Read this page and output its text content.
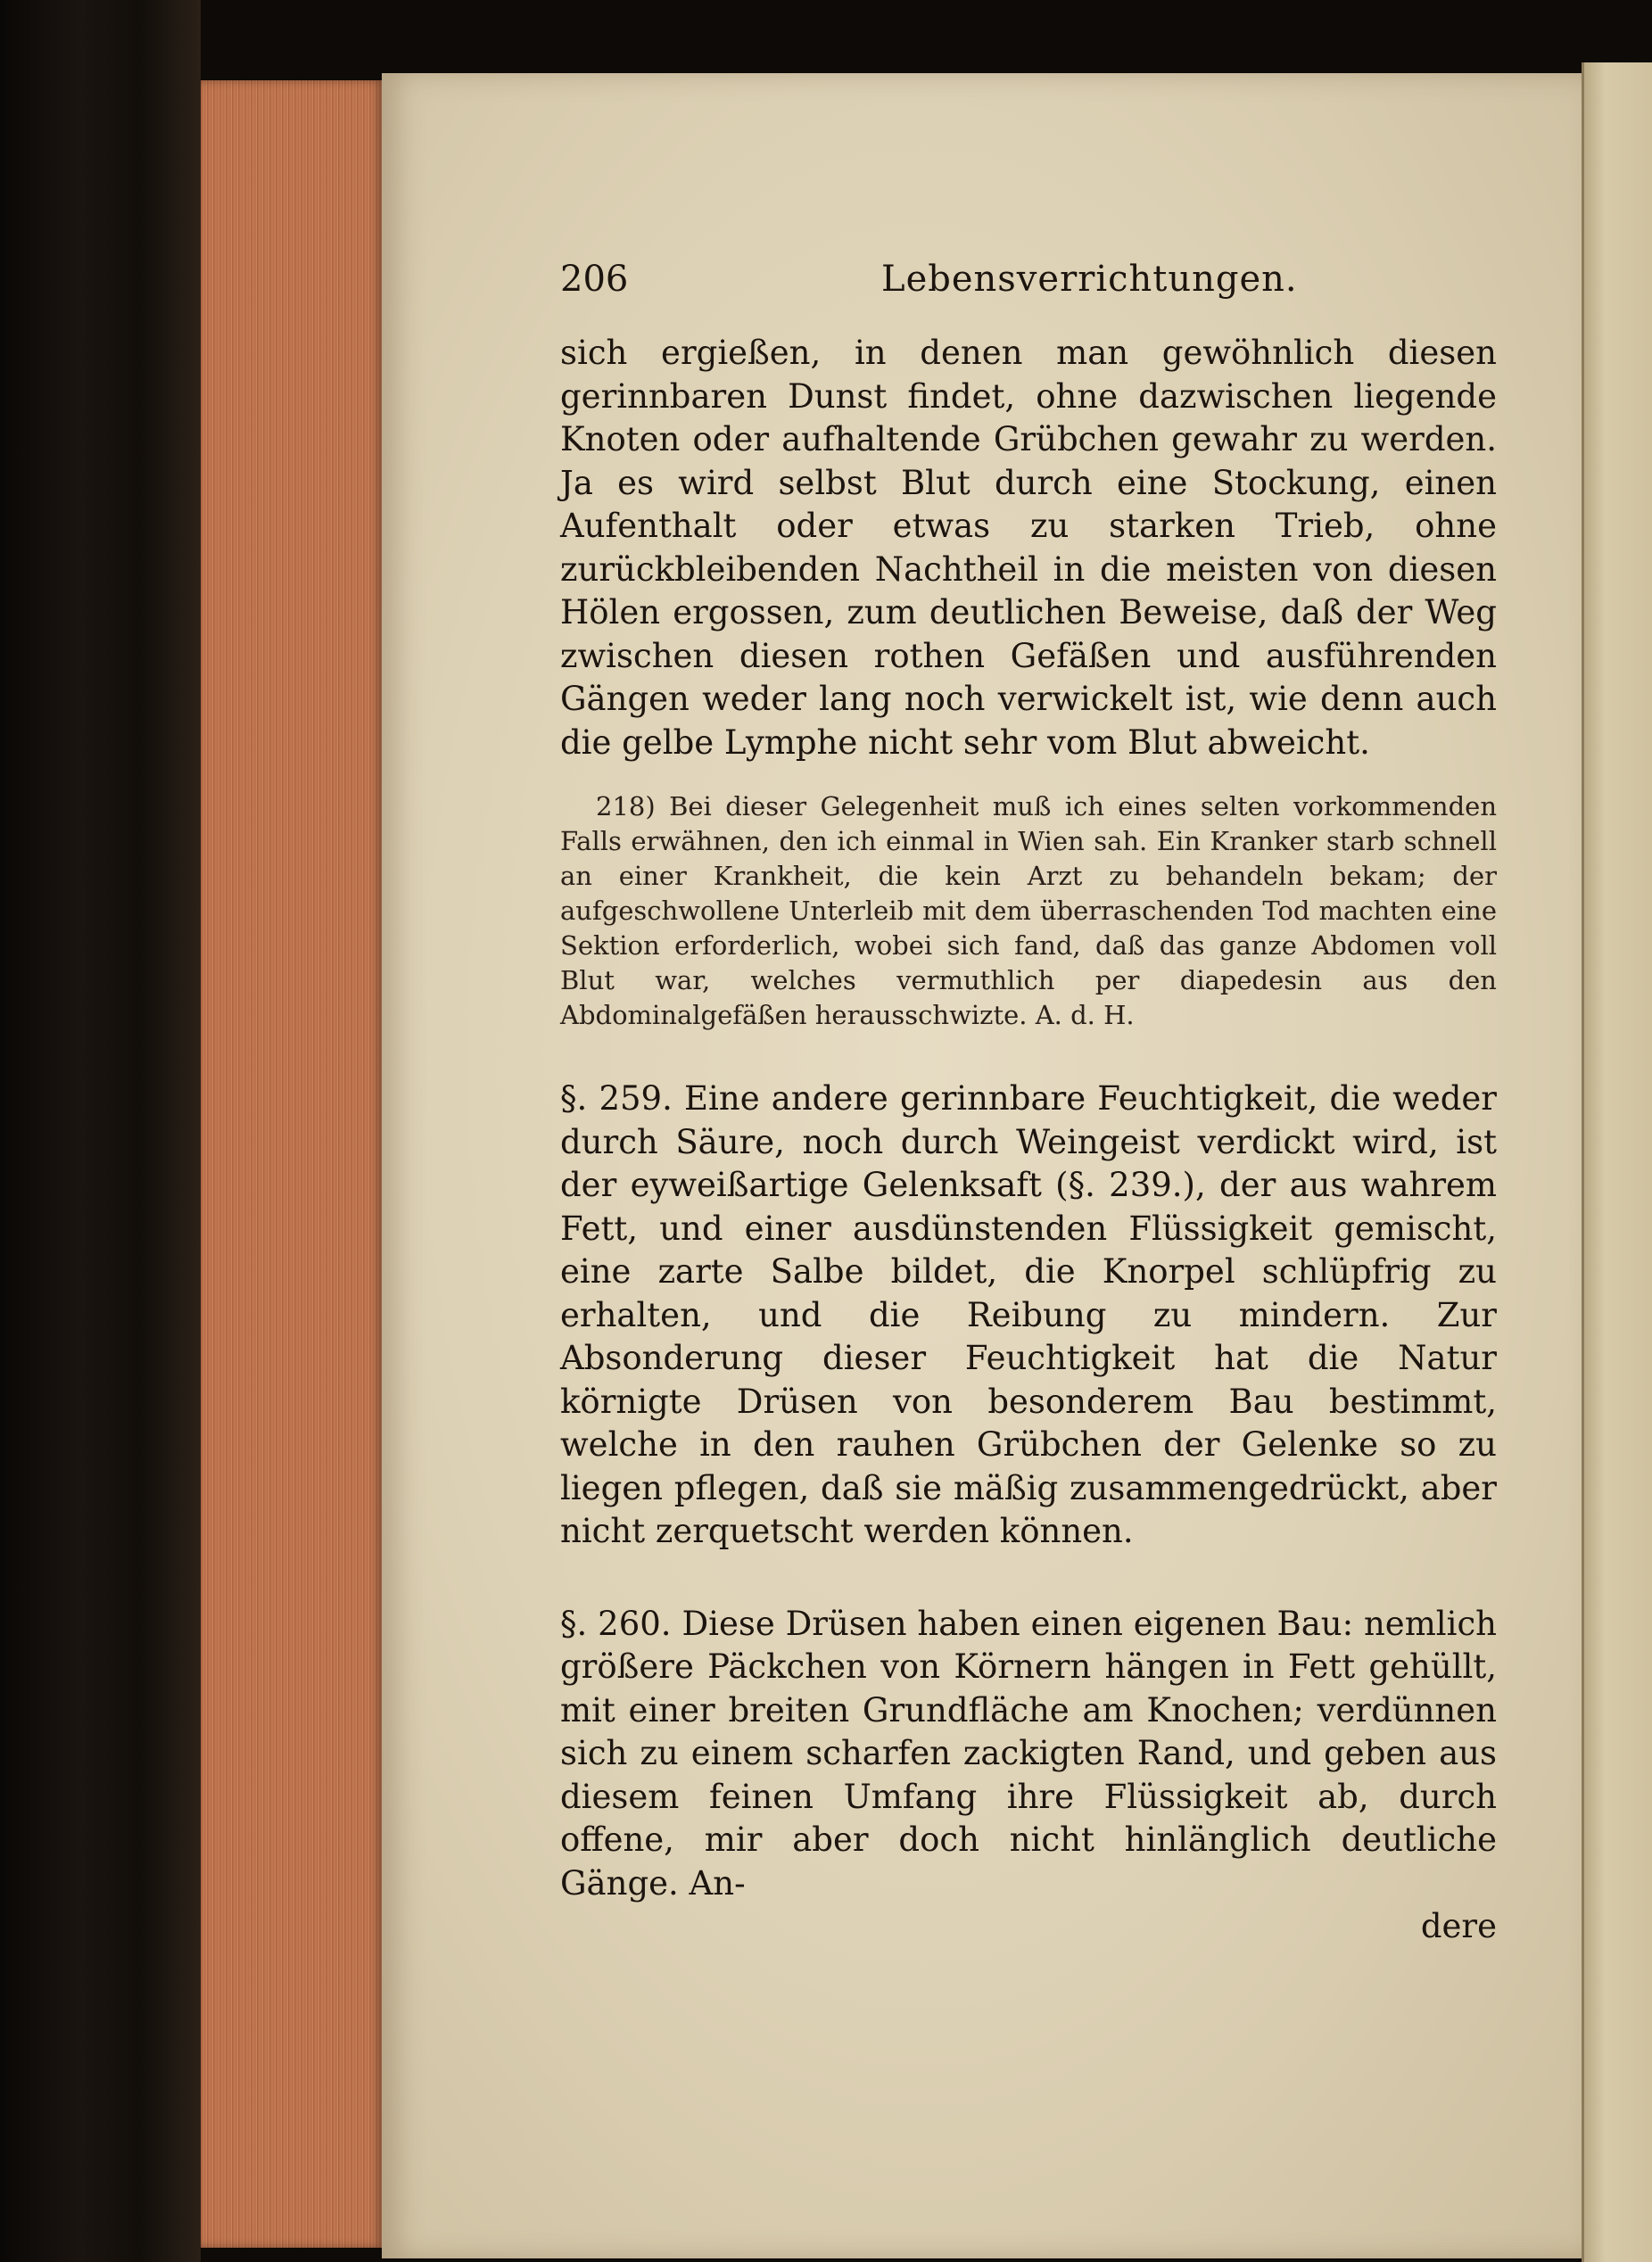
206	Lebensverrichtungen.

sich ergießen, in denen man gewöhnlich diesen gerinnbaren Dunst findet, ohne dazwischen liegende Knoten oder aufhaltende Grübchen gewahr zu werden. Ja es wird selbst Blut durch eine Stockung, einen Aufenthalt oder etwas zu starken Trieb, ohne zurückbleibenden Nachtheil in die meisten von diesen Hölen ergossen, zum deutlichen Beweise, daß der Weg zwischen diesen rothen Gefäßen und ausführenden Gängen weder lang noch verwickelt ist, wie denn auch die gelbe Lymphe nicht sehr vom Blut abweicht.

218) Bei dieser Gelegenheit muß ich eines selten vorkommenden Falls erwähnen, den ich einmal in Wien sah. Ein Kranker starb schnell an einer Krankheit, die kein Arzt zu behandeln bekam; der aufgeschwollene Unterleib mit dem überraschenden Tod machten eine Sektion erforderlich, wobei sich fand, daß das ganze Abdomen voll Blut war, welches vermuthlich per diapedesin aus den Abdominalgefäßen herausschwizte. A. d. H.

§. 259. Eine andere gerinnbare Feuchtigkeit, die weder durch Säure, noch durch Weingeist verdickt wird, ist der eyweißartige Gelenksaft (§. 239.), der aus wahrem Fett, und einer ausdünstenden Flüssigkeit gemischt, eine zarte Salbe bildet, die Knorpel schlüpfrig zu erhalten, und die Reibung zu mindern. Zur Absonderung dieser Feuchtigkeit hat die Natur körnigte Drüsen von besonderem Bau bestimmt, welche in den rauhen Grübchen der Gelenke so zu liegen pflegen, daß sie mäßig zusammengedrückt, aber nicht zerquetscht werden können.

§. 260. Diese Drüsen haben einen eigenen Bau: nemlich größere Päckchen von Körnern hängen in Fett gehüllt, mit einer breiten Grundfläche am Knochen; verdünnen sich zu einem scharfen zackigten Rand, und geben aus diesem feinen Umfang ihre Flüssigkeit ab, durch offene, mir aber doch nicht hinlänglich deutliche Gänge. An-

dere
